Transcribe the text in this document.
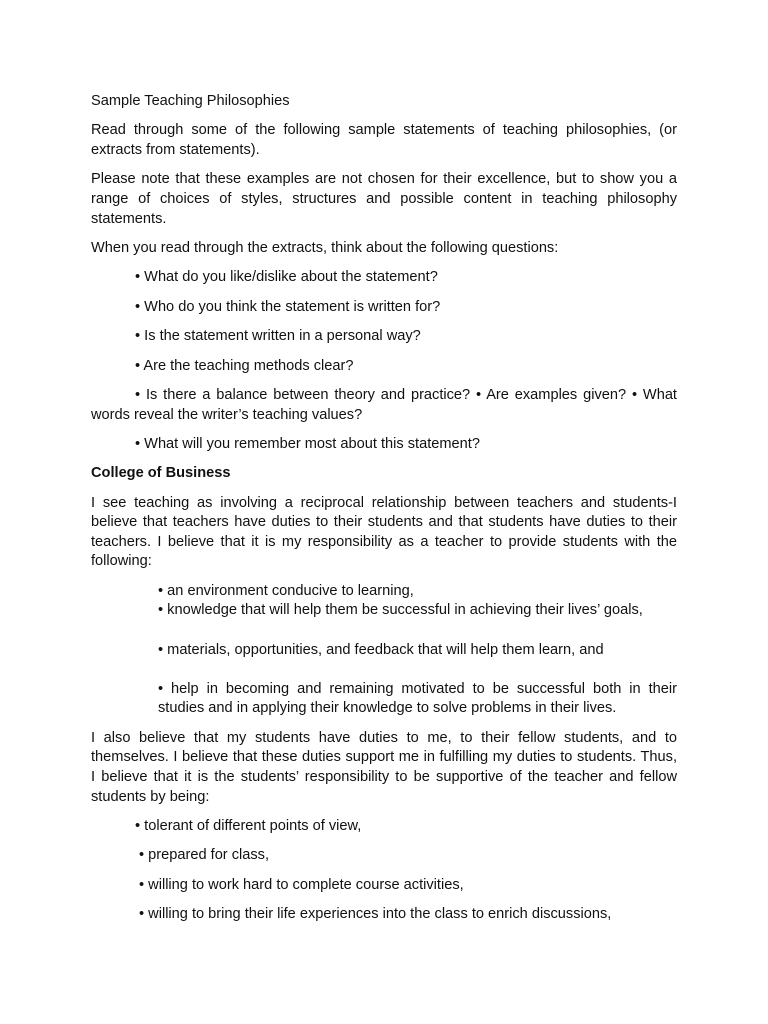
Sample Teaching Philosophies

Read through some of the following sample statements of teaching philosophies, (or extracts from statements).

Please note that these examples are not chosen for their excellence, but to show you a range of choices of styles, structures and possible content in teaching philosophy statements.

When you read through the extracts, think about the following questions:

• What do you like/dislike about the statement?

• Who do you think the statement is written for?

• Is the statement written in a personal way?

• Are the teaching methods clear?

• Is there a balance between theory and practice? • Are examples given? • What words reveal the writer’s teaching values?

• What will you remember most about this statement?

College of Business

I see teaching as involving a reciprocal relationship between teachers and students-I believe that teachers have duties to their students and that students have duties to their teachers. I believe that it is my responsibility as a teacher to provide students with the following:

• an environment conducive to learning,

• knowledge that will help them be successful in achieving their lives’ goals,

• materials, opportunities, and feedback that will help them learn, and

• help in becoming and remaining motivated to be successful both in their studies and in applying their knowledge to solve problems in their lives.

I also believe that my students have duties to me, to their fellow students, and to themselves. I believe that these duties support me in fulfilling my duties to students. Thus, I believe that it is the students’ responsibility to be supportive of the teacher and fellow students by being:

• tolerant of different points of view,

• prepared for class,

• willing to work hard to complete course activities,

• willing to bring their life experiences into the class to enrich discussions,
